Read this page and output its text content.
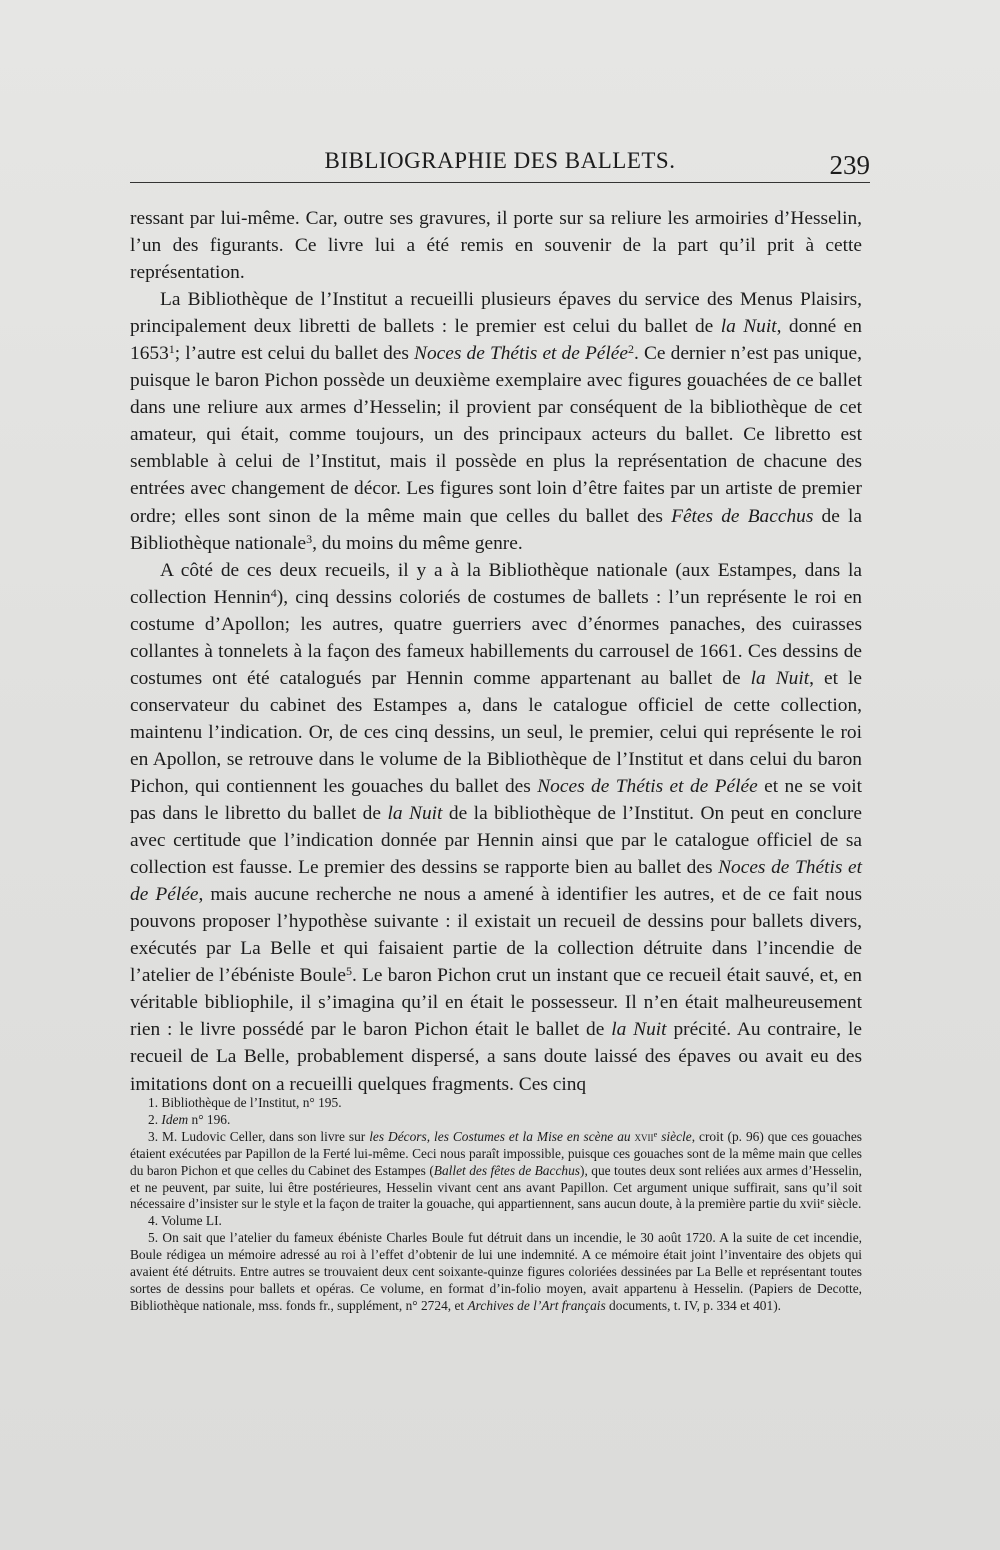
BIBLIOGRAPHIE DES BALLETS.	239

ressant par lui-même. Car, outre ses gravures, il porte sur sa reliure les armoiries d’Hesselin, l’un des figurants. Ce livre lui a été remis en souvenir de la part qu’il prit à cette représentation.

La Bibliothèque de l’Institut a recueilli plusieurs épaves du service des Menus Plaisirs, principalement deux libretti de ballets : le premier est celui du ballet de la Nuit, donné en 1653$^1$; l’autre est celui du ballet des Noces de Thétis et de Pélée$^2$. Ce dernier n’est pas unique, puisque le baron Pichon possède un deuxième exemplaire avec figures gouachées de ce ballet dans une reliure aux armes d’Hesselin; il provient par conséquent de la bibliothèque de cet amateur, qui était, comme toujours, un des principaux acteurs du ballet. Ce libretto est semblable à celui de l’Institut, mais il possède en plus la représentation de chacune des entrées avec changement de décor. Les figures sont loin d’être faites par un artiste de premier ordre; elles sont sinon de la même main que celles du ballet des Fêtes de Bacchus de la Bibliothèque nationale$^3$, du moins du même genre.

A côté de ces deux recueils, il y a à la Bibliothèque nationale (aux Estampes, dans la collection Hennin$^4$), cinq dessins coloriés de costumes de ballets : l’un représente le roi en costume d’Apollon; les autres, quatre guerriers avec d’énormes panaches, des cuirasses collantes à tonnelets à la façon des fameux habillements du carrousel de 1661. Ces dessins de costumes ont été catalogués par Hennin comme appartenant au ballet de la Nuit, et le conservateur du cabinet des Estampes a, dans le catalogue officiel de cette collection, maintenu l’indication. Or, de ces cinq dessins, un seul, le premier, celui qui représente le roi en Apollon, se retrouve dans le volume de la Bibliothèque de l’Institut et dans celui du baron Pichon, qui contiennent les gouaches du ballet des Noces de Thétis et de Pélée et ne se voit pas dans le libretto du ballet de la Nuit de la bibliothèque de l’Institut. On peut en conclure avec certitude que l’indication donnée par Hennin ainsi que par le catalogue officiel de sa collection est fausse. Le premier des dessins se rapporte bien au ballet des Noces de Thétis et de Pélée, mais aucune recherche ne nous a amené à identifier les autres, et de ce fait nous pouvons proposer l’hypothèse suivante : il existait un recueil de dessins pour ballets divers, exécutés par La Belle et qui faisaient partie de la collection détruite dans l’incendie de l’atelier de l’ébéniste Boule$^5$. Le baron Pichon crut un instant que ce recueil était sauvé, et, en véritable bibliophile, il s’imagina qu’il en était le possesseur. Il n’en était malheureusement rien : le livre possédé par le baron Pichon était le ballet de la Nuit précité. Au contraire, le recueil de La Belle, probablement dispersé, a sans doute laissé des épaves ou avait eu des imitations dont on a recueilli quelques fragments. Ces cinq

1. Bibliothèque de l’Institut, n° 195.

2. Idem n° 196.

3. M. Ludovic Celler, dans son livre sur les Décors, les Costumes et la Mise en scène au xvii$^e$ siècle, croit (p. 96) que ces gouaches étaient exécutées par Papillon de la Ferté lui-même. Ceci nous paraît impossible, puisque ces gouaches sont de la même main que celles du baron Pichon et que celles du Cabinet des Estampes (Ballet des fêtes de Bacchus), que toutes deux sont reliées aux armes d’Hesselin, et ne peuvent, par suite, lui être postérieures, Hesselin vivant cent ans avant Papillon. Cet argument unique suffirait, sans qu’il soit nécessaire d’insister sur le style et la façon de traiter la gouache, qui appartiennent, sans aucun doute, à la première partie du xvii$^e$ siècle.

4. Volume LI.

5. On sait que l’atelier du fameux ébéniste Charles Boule fut détruit dans un incendie, le 30 août 1720. A la suite de cet incendie, Boule rédigea un mémoire adressé au roi à l’effet d’obtenir de lui une indemnité. A ce mémoire était joint l’inventaire des objets qui avaient été détruits. Entre autres se trouvaient deux cent soixante-quinze figures coloriées dessinées par La Belle et représentant toutes sortes de dessins pour ballets et opéras. Ce volume, en format d’in-folio moyen, avait appartenu à Hesselin. (Papiers de Decotte, Bibliothèque nationale, mss. fonds fr., supplément, n° 2724, et Archives de l’Art français documents, t. IV, p. 334 et 401).
